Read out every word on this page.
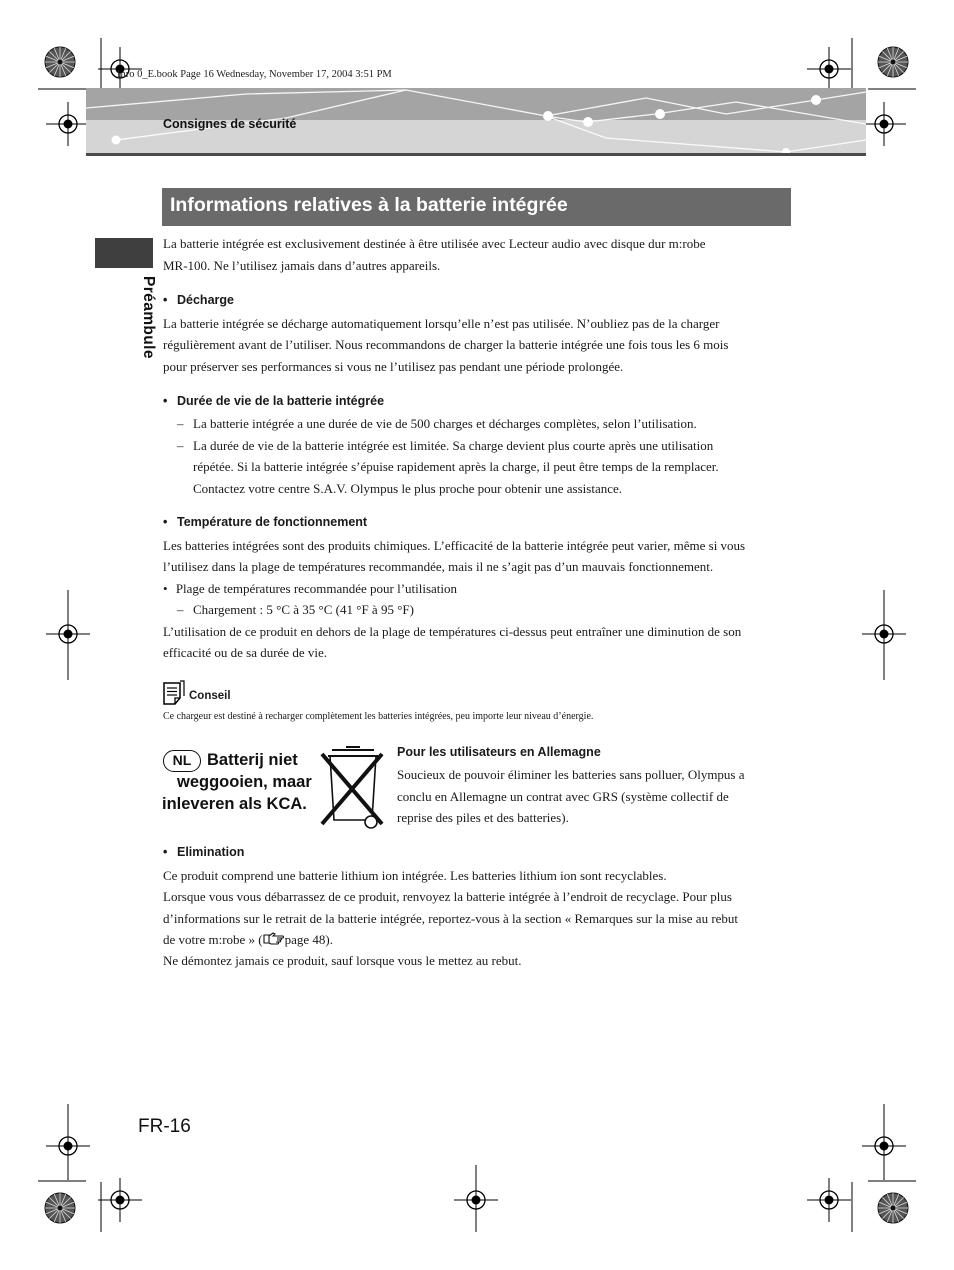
Inro 0_E.book Page 16 Wednesday, November 17, 2004 3:51 PM
Consignes de sécurité
Préambule
Informations relatives à la batterie intégrée
La batterie intégrée est exclusivement destinée à être utilisée avec Lecteur audio avec disque dur m:robe
MR-100. Ne l’utilisez jamais dans d’autres appareils.
• Décharge
La batterie intégrée se décharge automatiquement lorsqu’elle n’est pas utilisée. N’oubliez pas de la charger
régulièrement avant de l’utiliser. Nous recommandons de charger la batterie intégrée une fois tous les 6 mois
pour préserver ses performances si vous ne l’utilisez pas pendant une période prolongée.
• Durée de vie de la batterie intégrée
– La batterie intégrée a une durée de vie de 500 charges et décharges complètes, selon l’utilisation.
– La durée de vie de la batterie intégrée est limitée. Sa charge devient plus courte après une utilisation
répétée. Si la batterie intégrée s’épuise rapidement après la charge, il peut être temps de la remplacer.
Contactez votre centre S.A.V. Olympus le plus proche pour obtenir une assistance.
• Température de fonctionnement
Les batteries intégrées sont des produits chimiques. L’efficacité de la batterie intégrée peut varier, même si vous
l’utilisez dans la plage de températures recommandée, mais il ne s’agit pas d’un mauvais fonctionnement.
• Plage de températures recommandée pour l’utilisation
– Chargement : 5 °C à 35 °C (41 °F à 95 °F)
L’utilisation de ce produit en dehors de la plage de températures ci-dessus peut entraîner une diminution de son
efficacité ou de sa durée de vie.
Conseil
Ce chargeur est destiné à recharger complètement les batteries intégrées, peu importe leur niveau d’énergie.
NL Batterij niet
weggooien, maar
inleveren als KCA.
Pour les utilisateurs en Allemagne
Soucieux de pouvoir éliminer les batteries sans polluer, Olympus a
conclu en Allemagne un contrat avec GRS (système collectif de
reprise des piles et des batteries).
• Elimination
Ce produit comprend une batterie lithium ion intégrée. Les batteries lithium ion sont recyclables.
Lorsque vous vous débarrassez de ce produit, renvoyez la batterie intégrée à l’endroit de recyclage. Pour plus
d’informations sur le retrait de la batterie intégrée, reportez-vous à la section « Remarques sur la mise au rebut
de votre m:robe » ( page 48).
Ne démontez jamais ce produit, sauf lorsque vous le mettez au rebut.
FR-16
